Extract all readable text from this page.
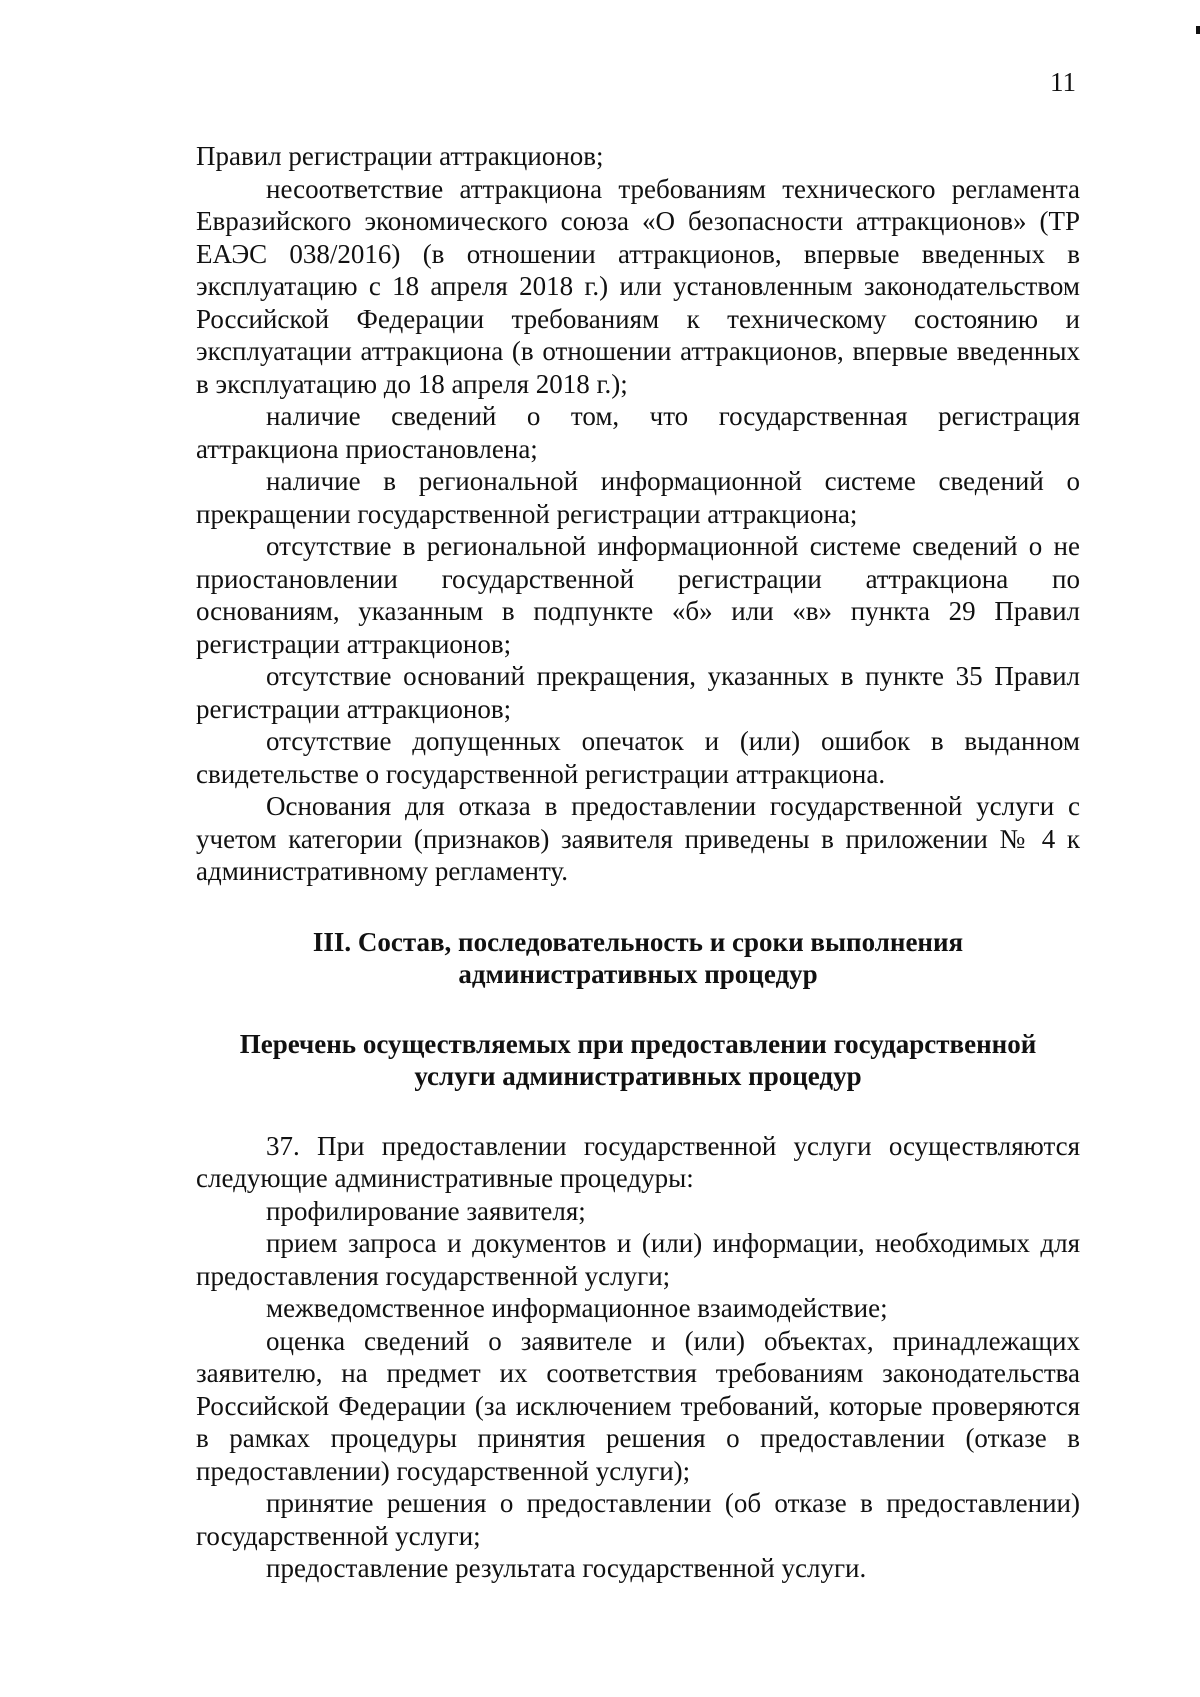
11

Правил регистрации аттракционов;

несоответствие аттракциона требованиям технического регламента Евразийского экономического союза «О безопасности аттракционов» (ТР ЕАЭС 038/2016) (в отношении аттракционов, впервые введенных в эксплуатацию с 18 апреля 2018 г.) или установленным законодательством Российской Федерации требованиям к техническому состоянию и эксплуатации аттракциона (в отношении аттракционов, впервые введенных в эксплуатацию до 18 апреля 2018 г.);

наличие сведений о том, что государственная регистрация аттракциона приостановлена;

наличие в региональной информационной системе сведений о прекращении государственной регистрации аттракциона;

отсутствие в региональной информационной системе сведений о не приостановлении государственной регистрации аттракциона по основаниям, указанным в подпункте «б» или «в» пункта 29 Правил регистрации аттракционов;

отсутствие оснований прекращения, указанных в пункте 35 Правил регистрации аттракционов;

отсутствие допущенных опечаток и (или) ошибок в выданном свидетельстве о государственной регистрации аттракциона.

Основания для отказа в предоставлении государственной услуги с учетом категории (признаков) заявителя приведены в приложении № 4 к административному регламенту.

III. Состав, последовательность и сроки выполнения
административных процедур
Перечень осуществляемых при предоставлении государственной
услуги административных процедур

37. При предоставлении государственной услуги осуществляются следующие административные процедуры:

профилирование заявителя;

прием запроса и документов и (или) информации, необходимых для предоставления государственной услуги;

межведомственное информационное взаимодействие;

оценка сведений о заявителе и (или) объектах, принадлежащих заявителю, на предмет их соответствия требованиям законодательства Российской Федерации (за исключением требований, которые проверяются в рамках процедуры принятия решения о предоставлении (отказе в предоставлении) государственной услуги);

принятие решения о предоставлении (об отказе в предоставлении) государственной услуги;

предоставление результата государственной услуги.
